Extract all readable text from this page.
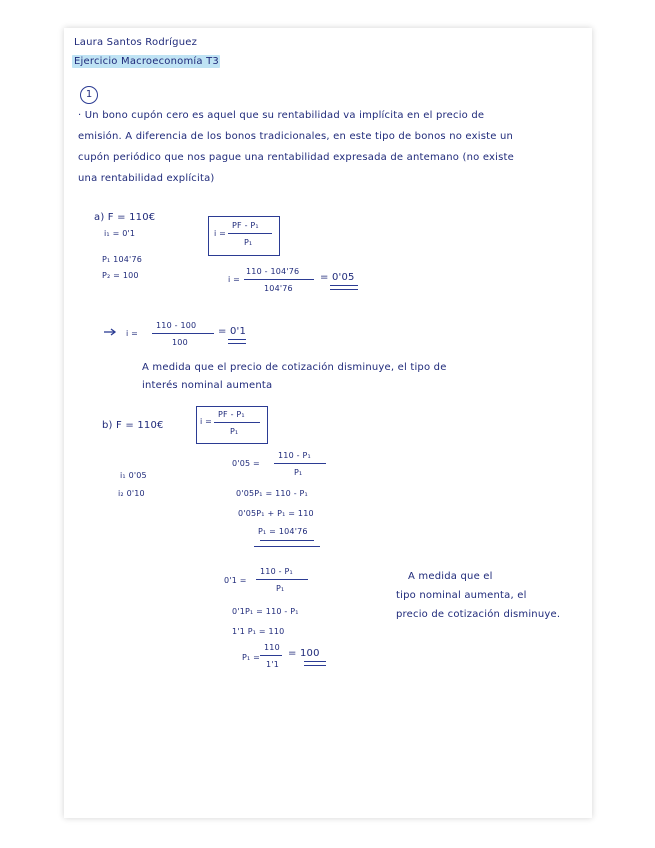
Laura Santos Rodríguez
Ejercicio Macroeconomía T3
1
· Un bono cupón cero es aquel que su rentabilidad va implícita en el precio de
emisión. A diferencia de los bonos tradicionales, en este tipo de bonos no existe un
cupón periódico que nos pague una rentabilidad expresada de antemano (no existe
una rentabilidad explícita)
a) F = 110€
i₁ = 0'1
P₁ 104'76
P₂ = 100
i =
PF - P₁
P₁
i =
110 - 104'76
104'76
= 0'05
i =
110 - 100
100
= 0'1
A medida que el precio de cotización disminuye, el tipo de
interés nominal aumenta
b) F = 110€	i =
PF - P₁
P₁
i₁ 0'05
i₂ 0'10
0'05 =
110 - P₁
P₁
0'05P₁ = 110 - P₁
0'05P₁ + P₁ = 110
P₁ = 104'76
0'1 =
110 - P₁
P₁
0'1P₁ = 110 - P₁
1'1 P₁ = 110
P₁ =
110
1'1
= 100
A medida que el
tipo nominal aumenta, el
precio de cotización disminuye.
